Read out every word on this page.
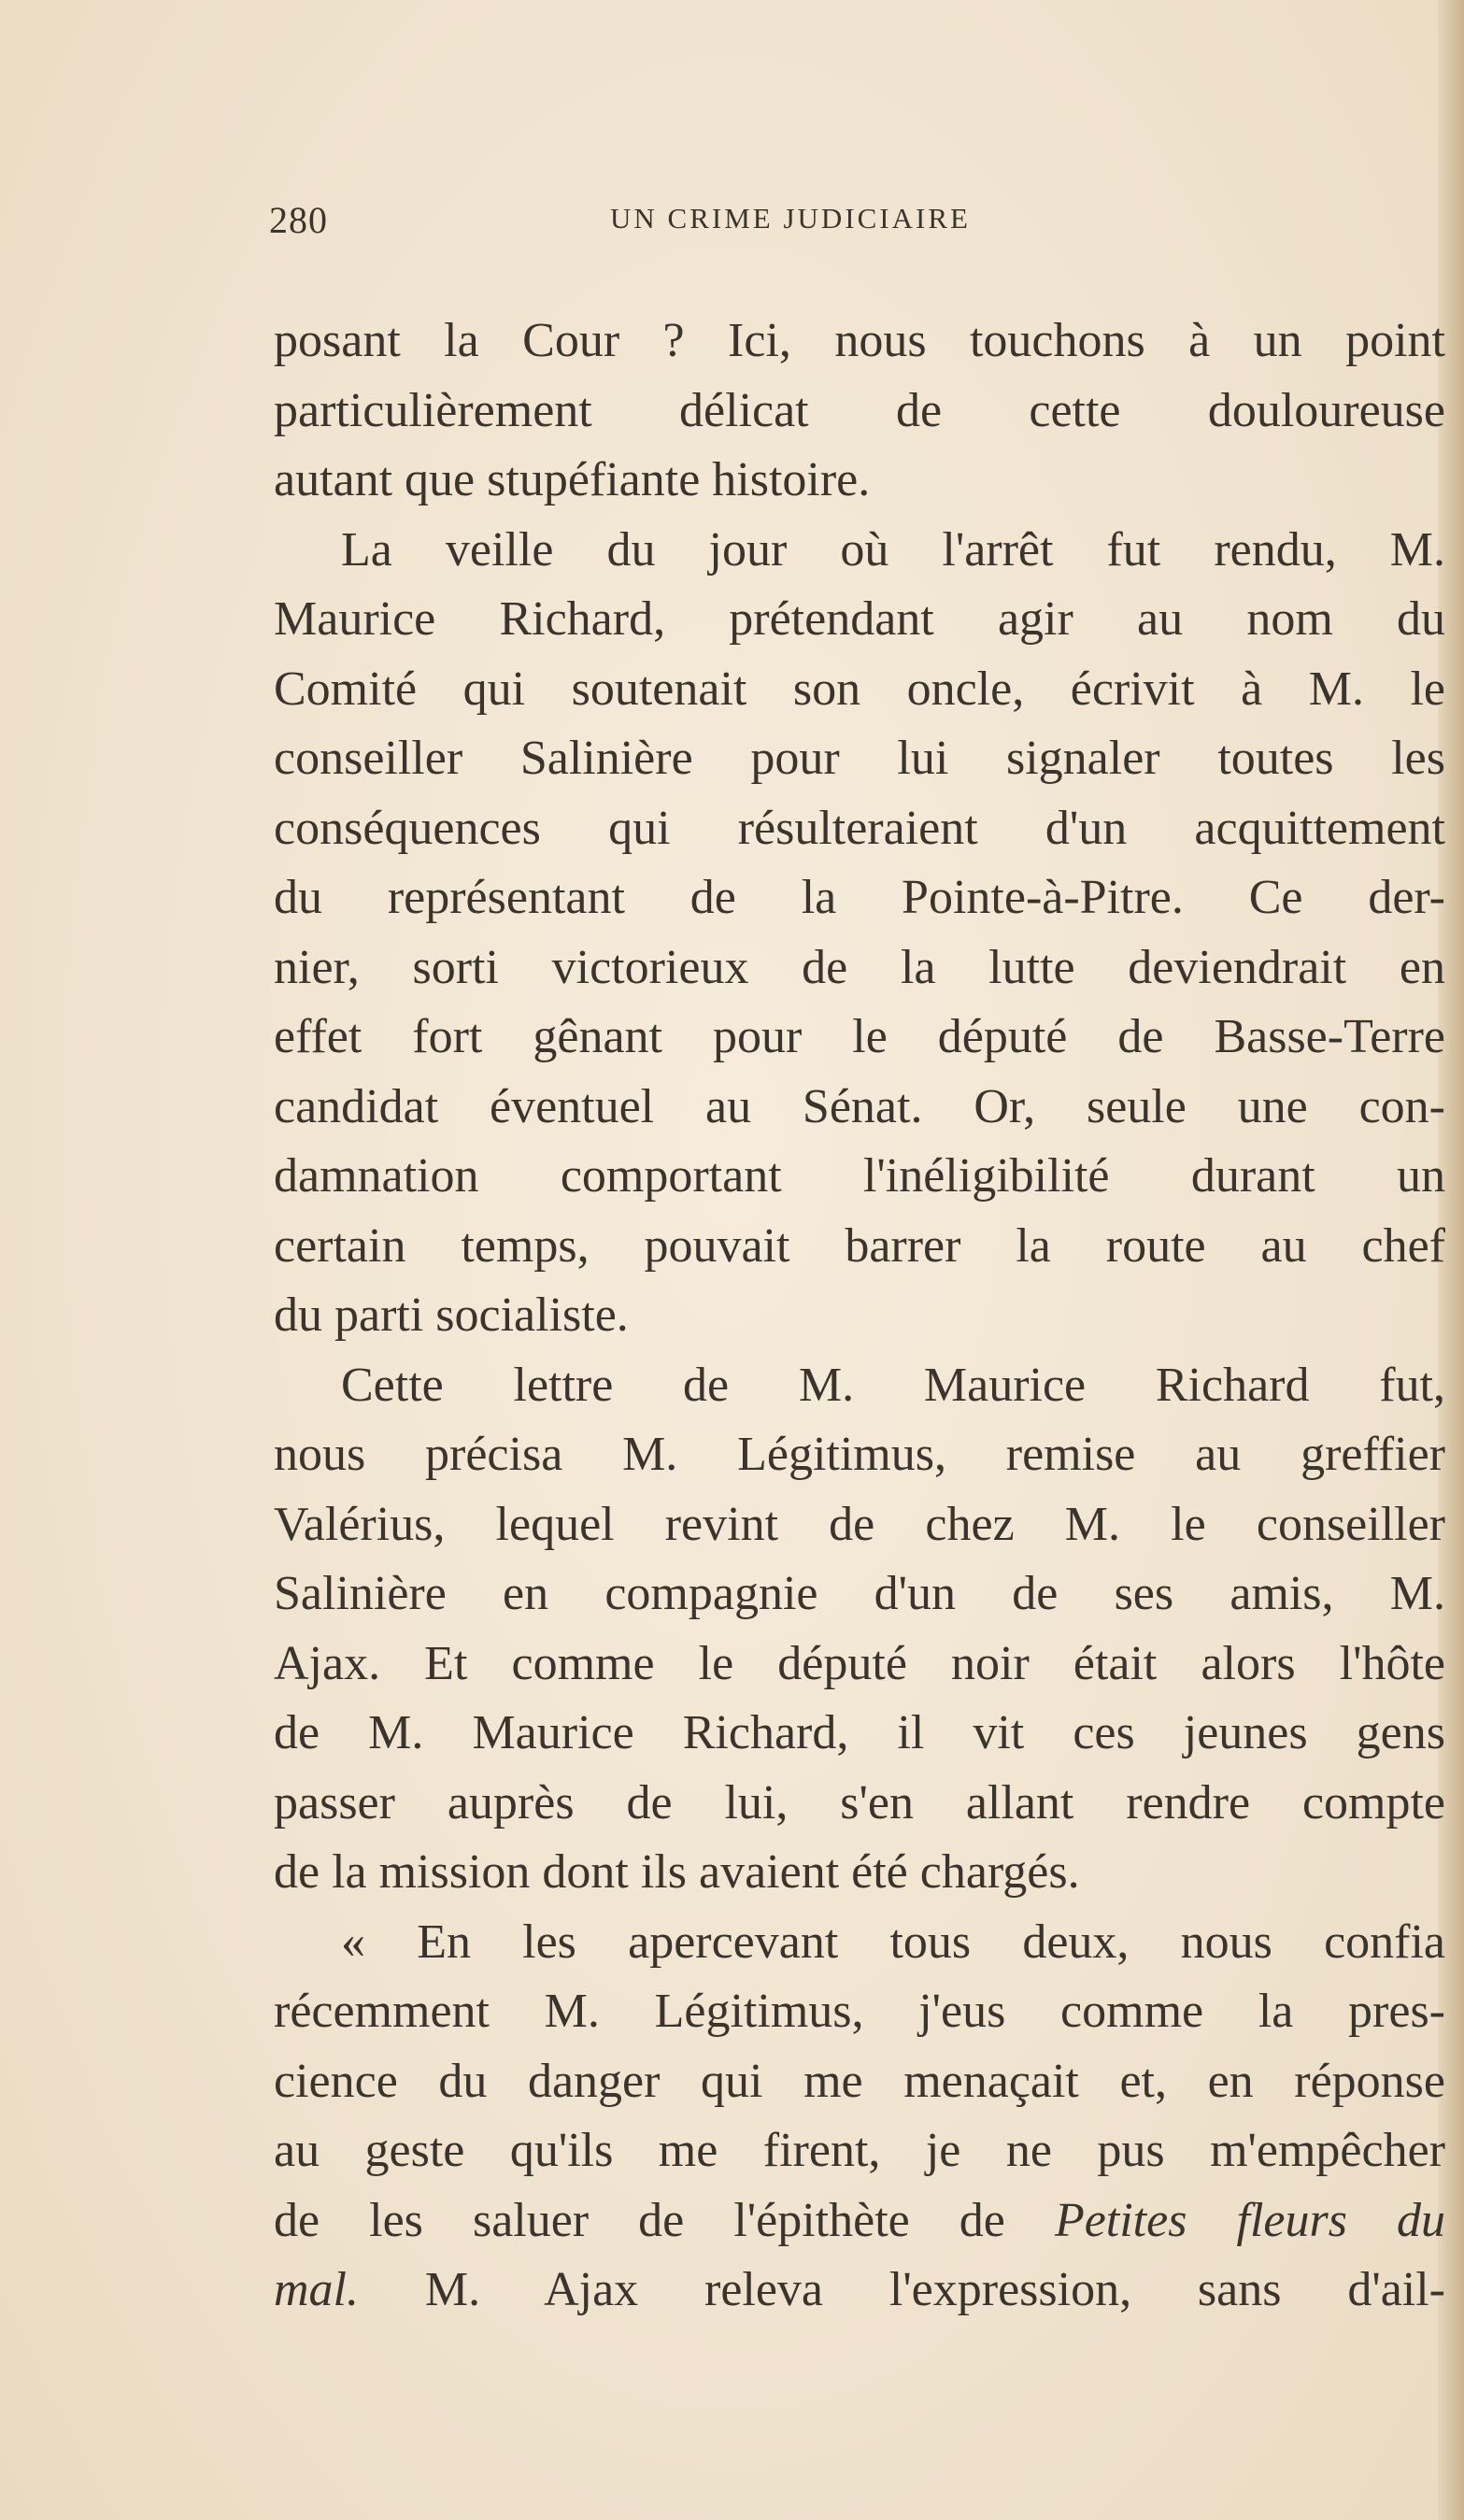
280	UN CRIME JUDICIAIRE
posant la Cour ? Ici, nous touchons à un point
particulièrement délicat de cette douloureuse
autant que stupéfiante histoire.
La veille du jour où l'arrêt fut rendu, M.
Maurice Richard, prétendant agir au nom du
Comité qui soutenait son oncle, écrivit à M. le
conseiller Salinière pour lui signaler toutes les
conséquences qui résulteraient d'un acquittement
du représentant de la Pointe-à-Pitre. Ce der-
nier, sorti victorieux de la lutte deviendrait en
effet fort gênant pour le député de Basse-Terre
candidat éventuel au Sénat. Or, seule une con-
damnation comportant l'inéligibilité durant un
certain temps, pouvait barrer la route au chef
du parti socialiste.
Cette lettre de M. Maurice Richard fut,
nous précisa M. Légitimus, remise au greffier
Valérius, lequel revint de chez M. le conseiller
Salinière en compagnie d'un de ses amis, M.
Ajax. Et comme le député noir était alors l'hôte
de M. Maurice Richard, il vit ces jeunes gens
passer auprès de lui, s'en allant rendre compte
de la mission dont ils avaient été chargés.
« En les apercevant tous deux, nous confia
récemment M. Légitimus, j'eus comme la pres-
cience du danger qui me menaçait et, en réponse
au geste qu'ils me firent, je ne pus m'empêcher
de les saluer de l'épithète de Petites fleurs du
mal. M. Ajax releva l'expression, sans d'ail-
